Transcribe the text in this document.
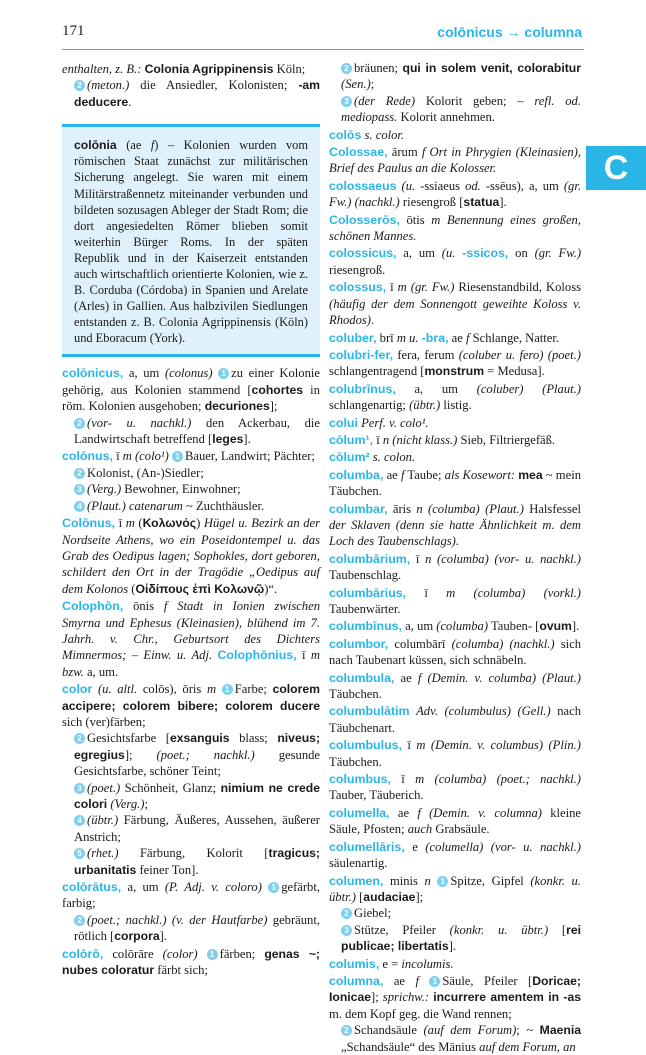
171	colōnicus → columna
C

enthalten, z. B.: Colonia Agrippinensis Köln;

2 (meton.) die Ansiedler, Kolonisten; -am deducere.

colōnia (ae f) – Kolonien wurden vom römischen Staat zunächst zur militärischen Sicherung angelegt. Sie waren mit einem Militärstraßennetz miteinander verbunden und bildeten sozusagen Ableger der Stadt Rom; die dort angesiedelten Römer blieben somit weiterhin Bürger Roms. In der späten Republik und in der Kaiserzeit entstanden auch wirtschaftlich orientierte Kolonien, wie z. B. Corduba (Córdoba) in Spanien und Arelate (Arles) in Gallien. Aus halbzivilen Siedlungen entstanden z. B. Colonia Agrippinensis (Köln) und Eboracum (York).

colōnicus, a, um (colonus) 1 zu einer Kolonie gehörig, aus Kolonien stammend [cohortes in röm. Kolonien ausgehoben; decuriones];

2 (vor- u. nachkl.) den Ackerbau, die Landwirtschaft betreffend [leges].

colōnus, ī m (colo¹) 1 Bauer, Landwirt; Pächter;

2 Kolonist, (An-)Siedler;

3 (Verg.) Bewohner, Einwohner;

4 (Plaut.) catenarum ~ Zuchthäusler.

Colōnus, ī m (Κολωνός) Hügel u. Bezirk an der Nordseite Athens, wo ein Poseidontempel u. das Grab des Oedipus lagen; Sophokles, dort geboren, schildert den Ort in der Tragödie „Oedipus auf dem Kolonos (Οἰδίπους ἐπὶ Κολωνῷ)“.

Colophōn, ōnis f Stadt in Ionien zwischen Smyrna und Ephesus (Kleinasien), blühend im 7. Jahrh. v. Chr., Geburtsort des Dichters Mimnermos; – Einw. u. Adj. Colophōnius, ī m bzw. a, um.

color (u. altl. colōs), ōris m 1 Farbe; colorem accipere; colorem bibere; colorem ducere sich (ver)färben;

2 Gesichtsfarbe [exsanguis blass; niveus; egregius]; (poet.; nachkl.) gesunde Gesichtsfarbe, schöner Teint;

3 (poet.) Schönheit, Glanz; nimium ne crede colori (Verg.);

4 (übtr.) Färbung, Äußeres, Aussehen, äußerer Anstrich;

5 (rhet.) Färbung, Kolorit [tragicus; urbanitatis feiner Ton].

colōrātus, a, um (P. Adj. v. coloro) 1 gefärbt, farbig;

2 (poet.; nachkl.) (v. der Hautfarbe) gebräunt, rötlich [corpora].

colōrō, colōrāre (color) 1 färben; genas ~; nubes coloratur färbt sich;

2 bräunen; qui in solem venit, colorabitur (Sen.);

3 (der Rede) Kolorit geben; – refl. od. mediopass. Kolorit annehmen.

colōs s. color.

Colossae, ārum f Ort in Phrygien (Kleinasien), Brief des Paulus an die Kolosser.

colossaeus (u. -ssiaeus od. -ssēus), a, um (gr. Fw.) (nachkl.) riesengroß [statua].

Colosserōs, ōtis m Benennung eines großen, schönen Mannes.

colossicus, a, um (u. -ssicos, on (gr. Fw.) riesengroß.

colossus, ī m (gr. Fw.) Riesenstandbild, Koloss (häufig der dem Sonnengott geweihte Koloss v. Rhodos).

coluber, brī m u. -bra, ae f Schlange, Natter.

colubri-fer, fera, ferum (coluber u. fero) (poet.) schlangentragend [monstrum = Medusa].

colubrīnus, a, um (coluber) (Plaut.) schlangenartig; (übtr.) listig.

colui Perf. v. colo¹.

cōlum¹, ī n (nicht klass.) Sieb, Filtriergefäß.

cōlum² s. colon.

columba, ae f Taube; als Kosewort: mea ~ mein Täubchen.

columbar, āris n (columba) (Plaut.) Halsfessel der Sklaven (denn sie hatte Ähnlichkeit m. dem Loch des Taubenschlags).

columbārium, ī n (columba) (vor- u. nachkl.) Taubenschlag.

columbārius, ī m (columba) (vorkl.) Taubenwärter.

columbīnus, a, um (columba) Tauben- [ovum].

columbor, columbārī (columba) (nachkl.) sich nach Taubenart küssen, sich schnäbeln.

columbula, ae f (Demin. v. columba) (Plaut.) Täubchen.

columbulātim Adv. (columbulus) (Gell.) nach Täubchenart.

columbulus, ī m (Demin. v. columbus) (Plin.) Täubchen.

columbus, ī m (columba) (poet.; nachkl.) Tauber, Täuberich.

columella, ae f (Demin. v. columna) kleine Säule, Pfosten; auch Grabsäule.

columellāris, e (columella) (vor- u. nachkl.) säulenartig.

columen, minis n 1 Spitze, Gipfel (konkr. u. übtr.) [audaciae];

2 Giebel;

3 Stütze, Pfeiler (konkr. u. übtr.) [rei publicae; libertatis].

columis, e = incolumis.

columna, ae f 1 Säule, Pfeiler [Doricae; Ionicae]; sprichw.: incurrere amentem in -as m. dem Kopf geg. die Wand rennen;

2 Schandsäule (auf dem Forum); ~ Maenia „Schandsäule“ des Mänius auf dem Forum, an
